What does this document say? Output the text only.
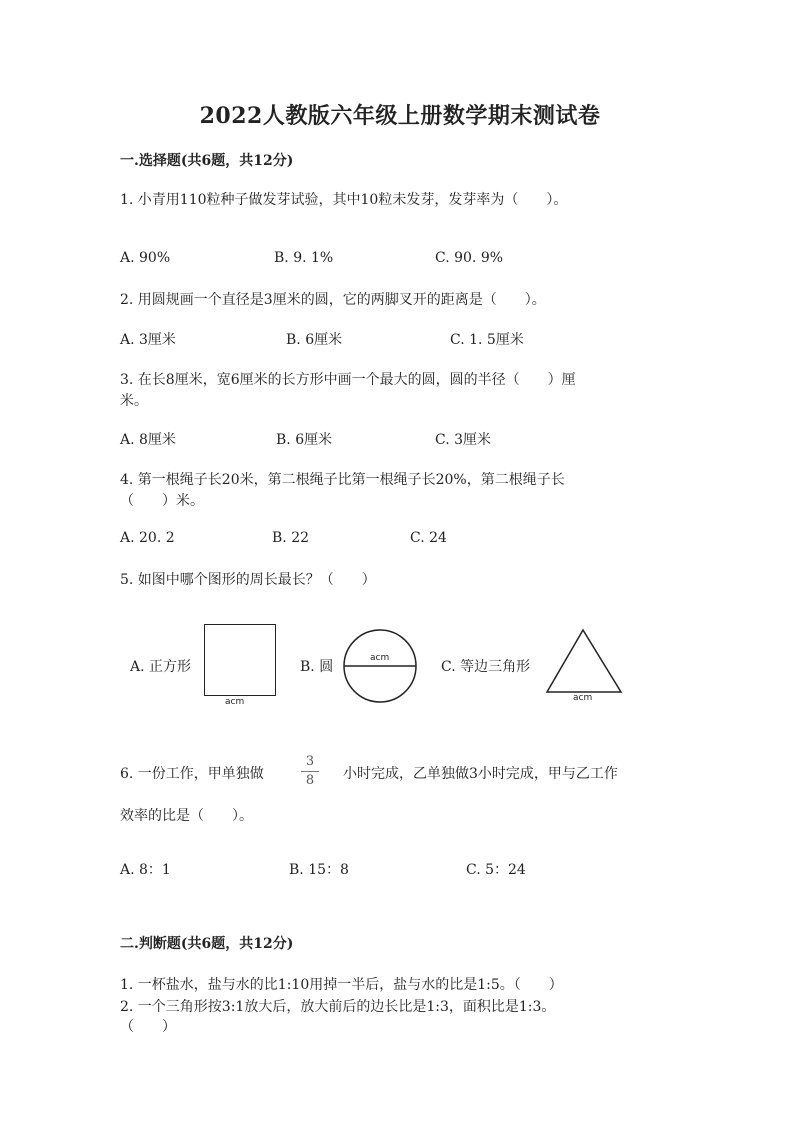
2022人教版六年级上册数学期末测试卷
一.选择题(共6题，共12分)
1. 小青用110粒种子做发芽试验，其中10粒未发芽，发芽率为（　　）。
A. 90%	B. 9. 1%	C. 90. 9%
2. 用圆规画一个直径是3厘米的圆，它的两脚叉开的距离是（　　）。
A. 3厘米	B. 6厘米	C. 1. 5厘米
3. 在长8厘米，宽6厘米的长方形中画一个最大的圆，圆的半径（　　）厘
米。
A. 8厘米	B. 6厘米	C. 3厘米
4. 第一根绳子长20米，第二根绳子比第一根绳子长20%，第二根绳子长
（　　）米。
A. 20. 2	B. 22	C. 24
5. 如图中哪个图形的周长最长？（　　）
A. 正方形
acm
B. 圆
acm
C. 等边三角形
acm
6. 一份工作，甲单独做
3
8	小时完成，乙单独做3小时完成，甲与乙工作
效率的比是（　　）。
A. 8：1	B. 15：8	C. 5：24
二.判断题(共6题，共12分)
1. 一杯盐水，盐与水的比1:10用掉一半后，盐与水的比是1:5。（　　）
2. 一个三角形按3:1放大后，放大前后的边长比是1:3，面积比是1:3。
（　　）
